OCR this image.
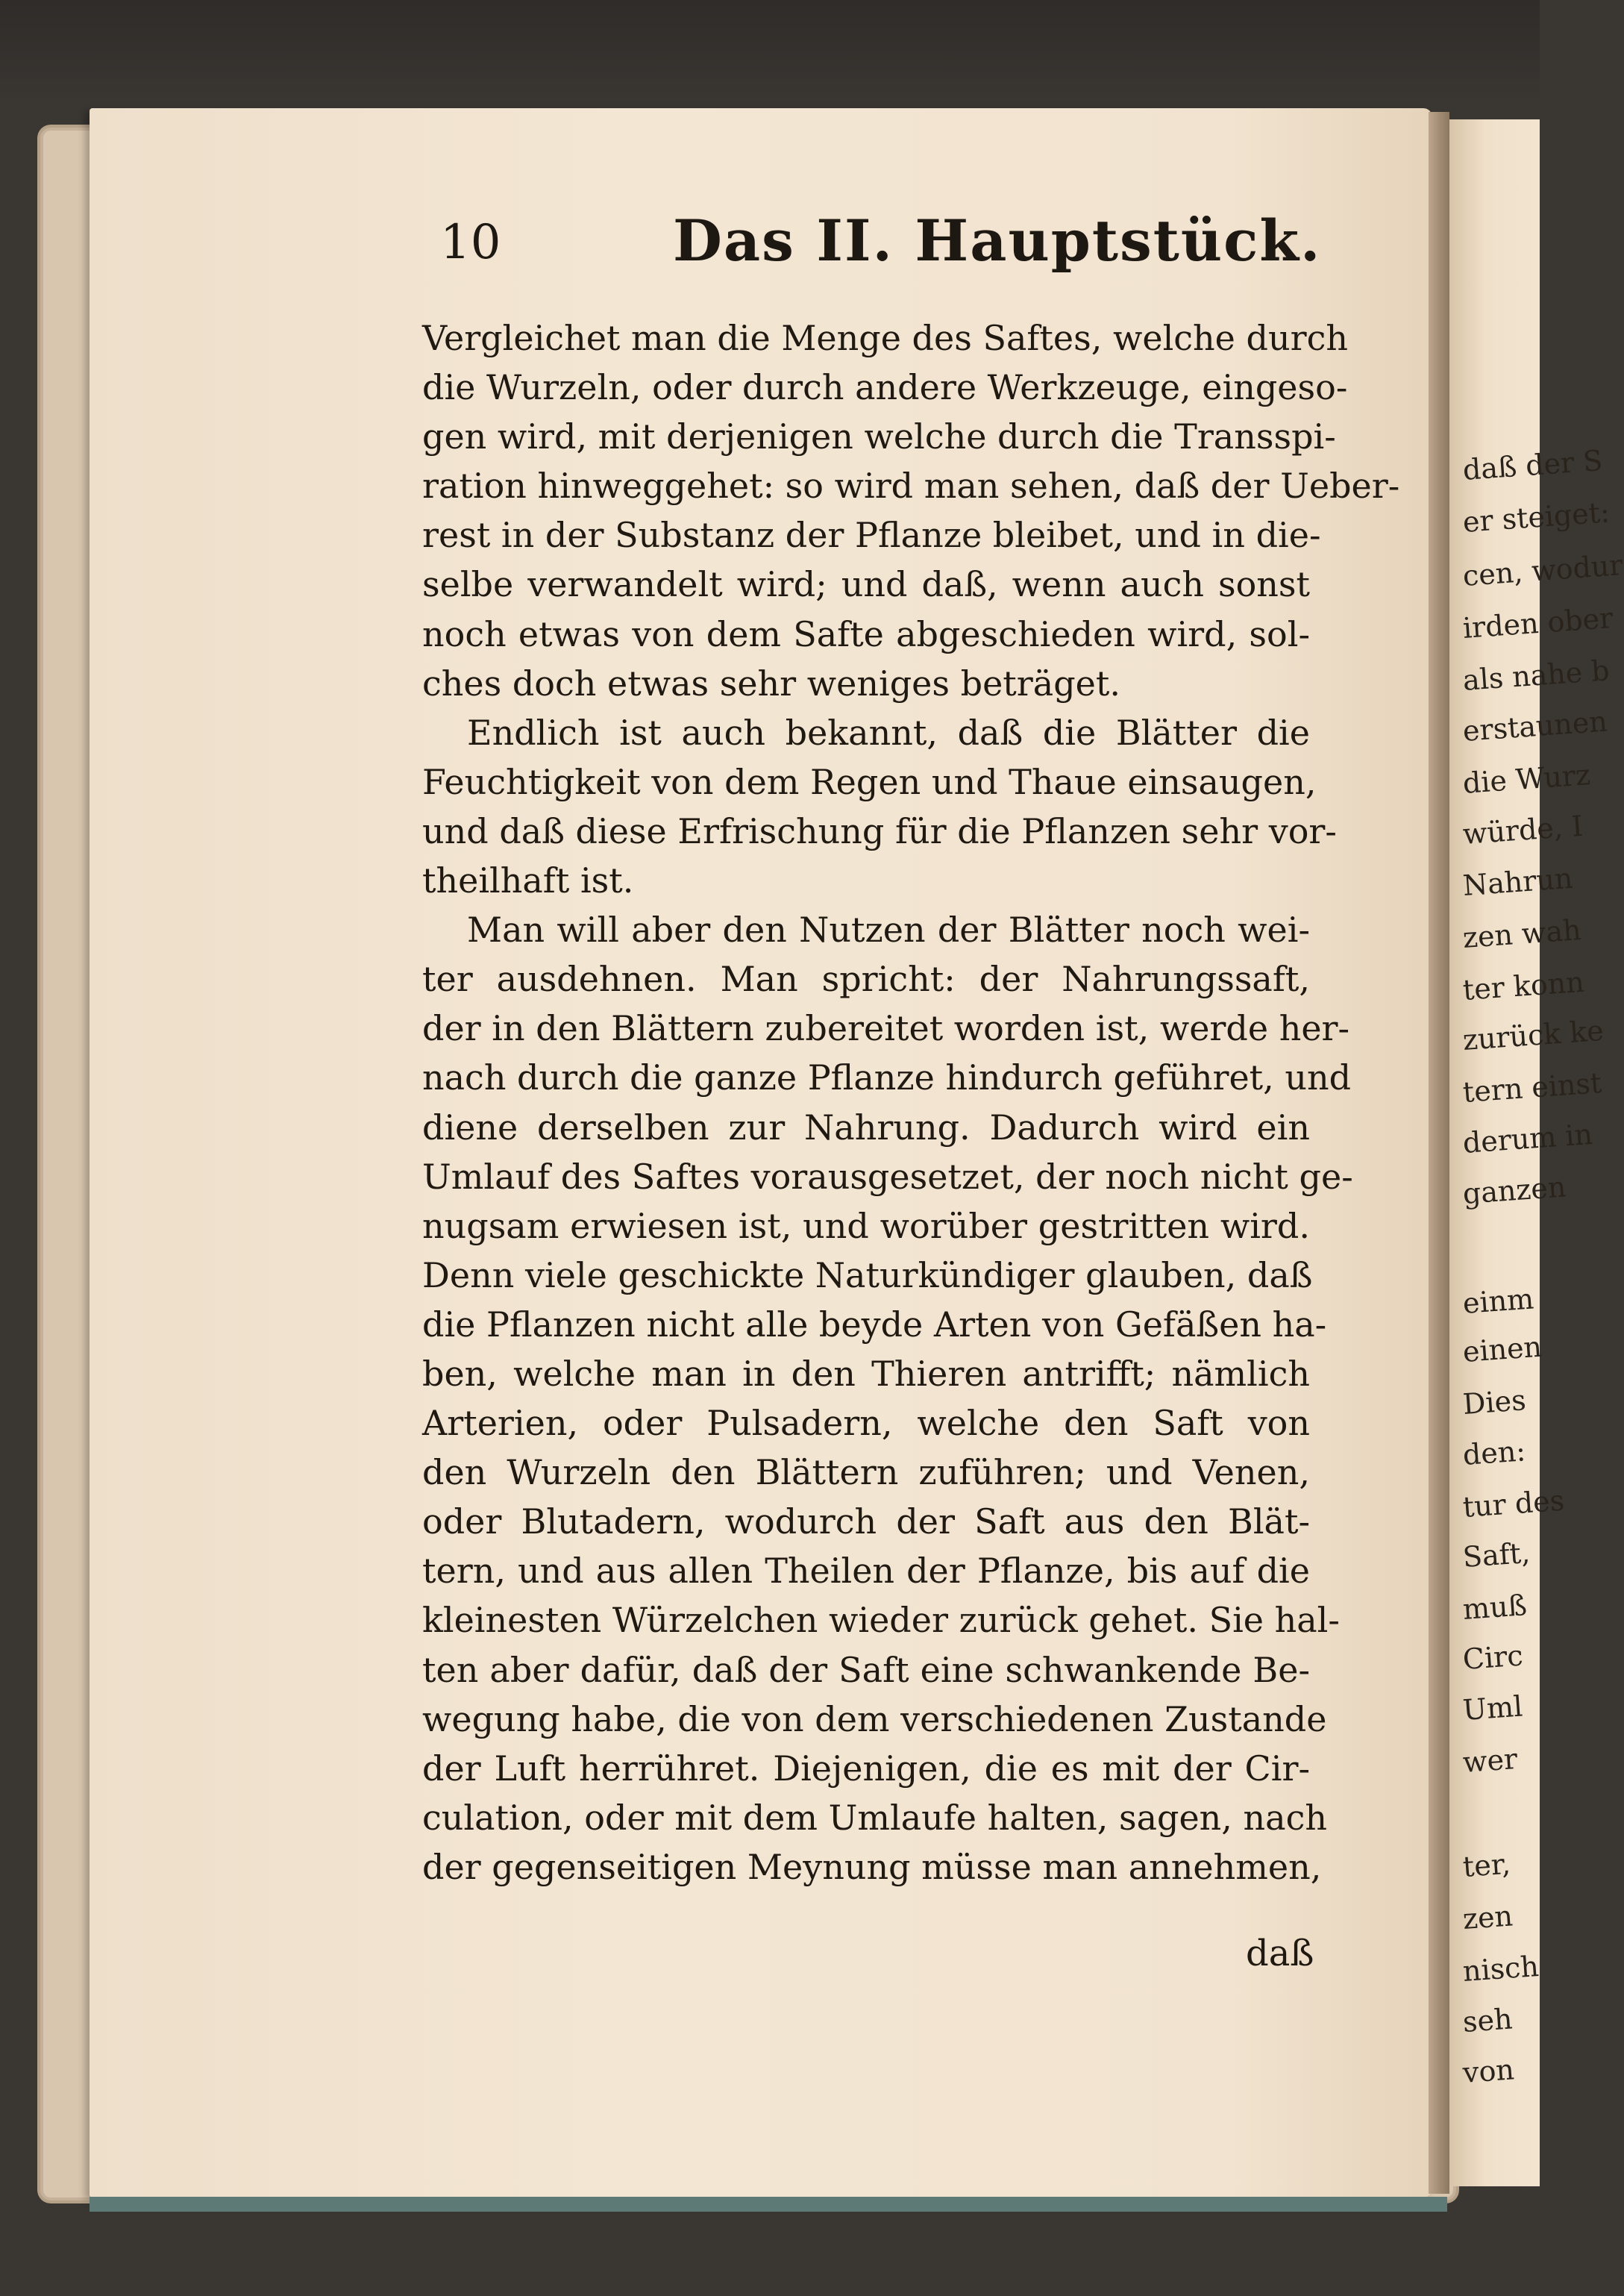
daß der S
er steiget:
cen, wodur
irden ober
als nahe b
erstaunen
die Wurz
würde, I
Nahrun
zen wah
ter konn
zurück ke
tern einst
derum in
ganzen
einm
einen
Dies
den:
tur des
Saft,
muß
Circ
Uml
wer
ter,
zen
nisch
seh
von
10	Das II. Hauptstück.
Vergleichet man die Menge des Saftes, welche durch
die Wurzeln, oder durch andere Werkzeuge, eingeso-
gen wird, mit derjenigen welche durch die Transspi-
ration hinweggehet: so wird man sehen, daß der Ueber-
rest in der Substanz der Pflanze bleibet, und in die-
selbe verwandelt wird; und daß, wenn auch sonst
noch etwas von dem Safte abgeschieden wird, sol-
ches doch etwas sehr weniges beträget.
Endlich ist auch bekannt, daß die Blätter die
Feuchtigkeit von dem Regen und Thaue einsaugen,
und daß diese Erfrischung für die Pflanzen sehr vor-
theilhaft ist.
Man will aber den Nutzen der Blätter noch wei-
ter ausdehnen. Man spricht: der Nahrungssaft,
der in den Blättern zubereitet worden ist, werde her-
nach durch die ganze Pflanze hindurch geführet, und
diene derselben zur Nahrung. Dadurch wird ein
Umlauf des Saftes vorausgesetzet, der noch nicht ge-
nugsam erwiesen ist, und worüber gestritten wird.
Denn viele geschickte Naturkündiger glauben, daß
die Pflanzen nicht alle beyde Arten von Gefäßen ha-
ben, welche man in den Thieren antrifft; nämlich
Arterien, oder Pulsadern, welche den Saft von
den Wurzeln den Blättern zuführen; und Venen,
oder Blutadern, wodurch der Saft aus den Blät-
tern, und aus allen Theilen der Pflanze, bis auf die
kleinesten Würzelchen wieder zurück gehet. Sie hal-
ten aber dafür, daß der Saft eine schwankende Be-
wegung habe, die von dem verschiedenen Zustande
der Luft herrühret. Diejenigen, die es mit der Cir-
culation, oder mit dem Umlaufe halten, sagen, nach
der gegenseitigen Meynung müsse man annehmen,
daß
